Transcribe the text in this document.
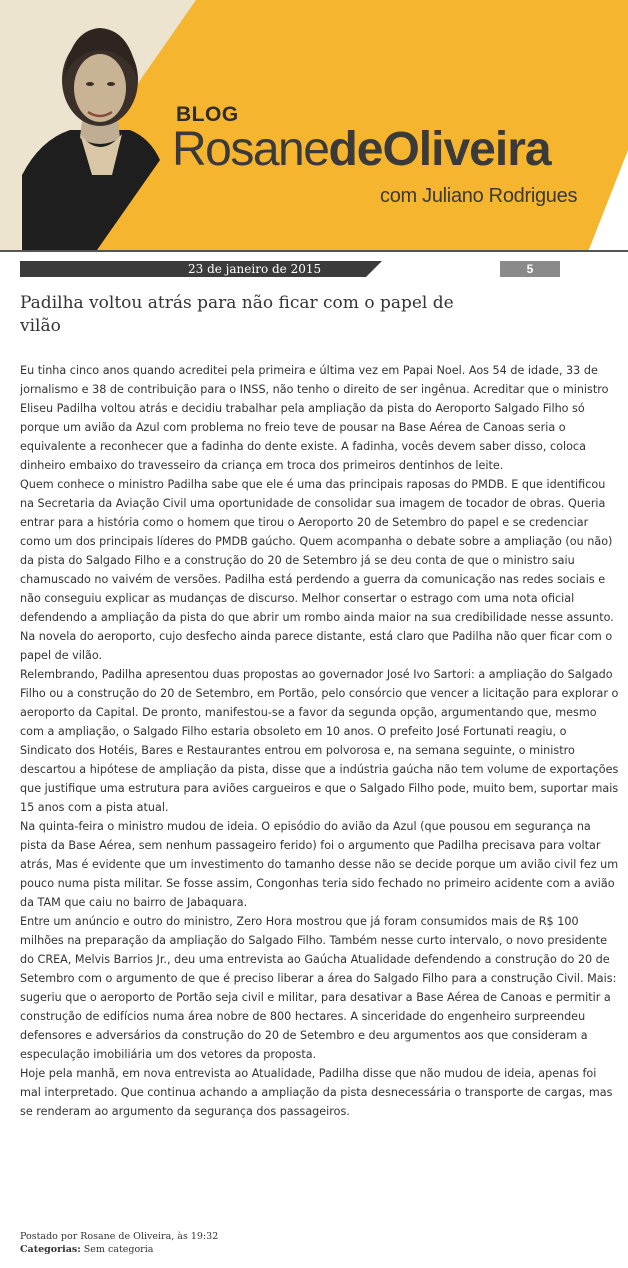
BLOG
RosanedeOliveira
com Juliano Rodrigues
23 de janeiro de 2015	5
Padilha voltou atrás para não ficar com o papel de vilão

Eu tinha cinco anos quando acreditei pela primeira e última vez em Papai Noel. Aos 54 de idade, 33 de jornalismo e 38 de contribuição para o INSS, não tenho o direito de ser ingênua. Acreditar que o ministro Eliseu Padilha voltou atrás e decidiu trabalhar pela ampliação da pista do Aeroporto Salgado Filho só porque um avião da Azul com problema no freio teve de pousar na Base Aérea de Canoas seria o equivalente a reconhecer que a fadinha do dente existe. A fadinha, vocês devem saber disso, coloca dinheiro embaixo do travesseiro da criança em troca dos primeiros dentinhos de leite.

Quem conhece o ministro Padilha sabe que ele é uma das principais raposas do PMDB. E que identificou na Secretaria da Aviação Civil uma oportunidade de consolidar sua imagem de tocador de obras. Queria entrar para a história como o homem que tirou o Aeroporto 20 de Setembro do papel e se credenciar como um dos principais líderes do PMDB gaúcho. Quem acompanha o debate sobre a ampliação (ou não) da pista do Salgado Filho e a construção do 20 de Setembro já se deu conta de que o ministro saiu chamuscado no vaivém de versões. Padilha está perdendo a guerra da comunicação nas redes sociais e não conseguiu explicar as mudanças de discurso. Melhor consertar o estrago com uma nota oficial defendendo a ampliação da pista do que abrir um rombo ainda maior na sua credibilidade nesse assunto. Na novela do aeroporto, cujo desfecho ainda parece distante, está claro que Padilha não quer ficar com o papel de vilão.

Relembrando, Padilha apresentou duas propostas ao governador José Ivo Sartori: a ampliação do Salgado Filho ou a construção do 20 de Setembro, em Portão, pelo consórcio que vencer a licitação para explorar o aeroporto da Capital. De pronto, manifestou-se a favor da segunda opção, argumentando que, mesmo com a ampliação, o Salgado Filho estaria obsoleto em 10 anos. O prefeito José Fortunati reagiu, o Sindicato dos Hotéis, Bares e Restaurantes entrou em polvorosa e, na semana seguinte, o ministro descartou a hipótese de ampliação da pista, disse que a indústria gaúcha não tem volume de exportações que justifique uma estrutura para aviões cargueiros e que o Salgado Filho pode, muito bem, suportar mais 15 anos com a pista atual.

Na quinta-feira o ministro mudou de ideia. O episódio do avião da Azul (que pousou em segurança na pista da Base Aérea, sem nenhum passageiro ferido) foi o argumento que Padilha precisava para voltar atrás, Mas é evidente que um investimento do tamanho desse não se decide porque um avião civil fez um pouco numa pista militar. Se fosse assim, Congonhas teria sido fechado no primeiro acidente com a avião da TAM que caiu no bairro de Jabaquara.

Entre um anúncio e outro do ministro, Zero Hora mostrou que já foram consumidos mais de R$ 100 milhões na preparação da ampliação do Salgado Filho. Também nesse curto intervalo, o novo presidente do CREA, Melvis Barrios Jr., deu uma entrevista ao Gaúcha Atualidade defendendo a construção do 20 de Setembro com o argumento de que é preciso liberar a área do Salgado Filho para a construção Civil. Mais: sugeriu que o aeroporto de Portão seja civil e militar, para desativar a Base Aérea de Canoas e permitir a construção de edifícios numa área nobre de 800 hectares. A sinceridade do engenheiro surpreendeu defensores e adversários da construção do 20 de Setembro e deu argumentos aos que consideram a especulação imobiliária um dos vetores da proposta.

Hoje pela manhã, em nova entrevista ao Atualidade, Padilha disse que não mudou de ideia, apenas foi mal interpretado. Que continua achando a ampliação da pista desnecessária o transporte de cargas, mas se renderam ao argumento da segurança dos passageiros.

Postado por Rosane de Oliveira, às 19:32
Categorias: Sem categoria
